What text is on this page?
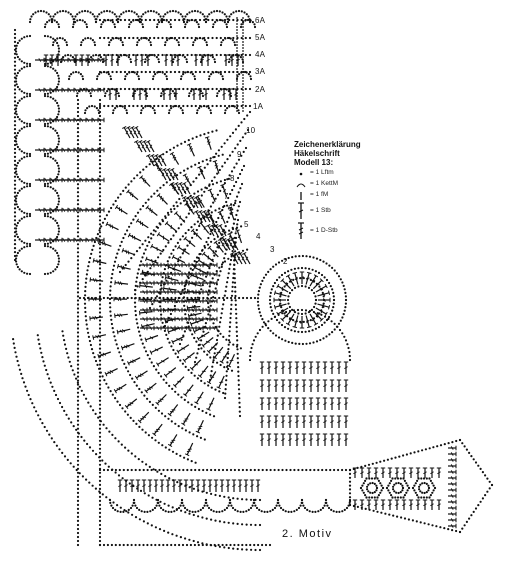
6A
5A
4A
3A
2A
1A
10
9
8
7
6
5
4
3
2
Zeichenerklärung
Häkelschrift
Modell 13:
= 1 Lftm
= 1 KettM
= 1 fM
= 1 Stb
= 1 D-Stb
2. Motiv
